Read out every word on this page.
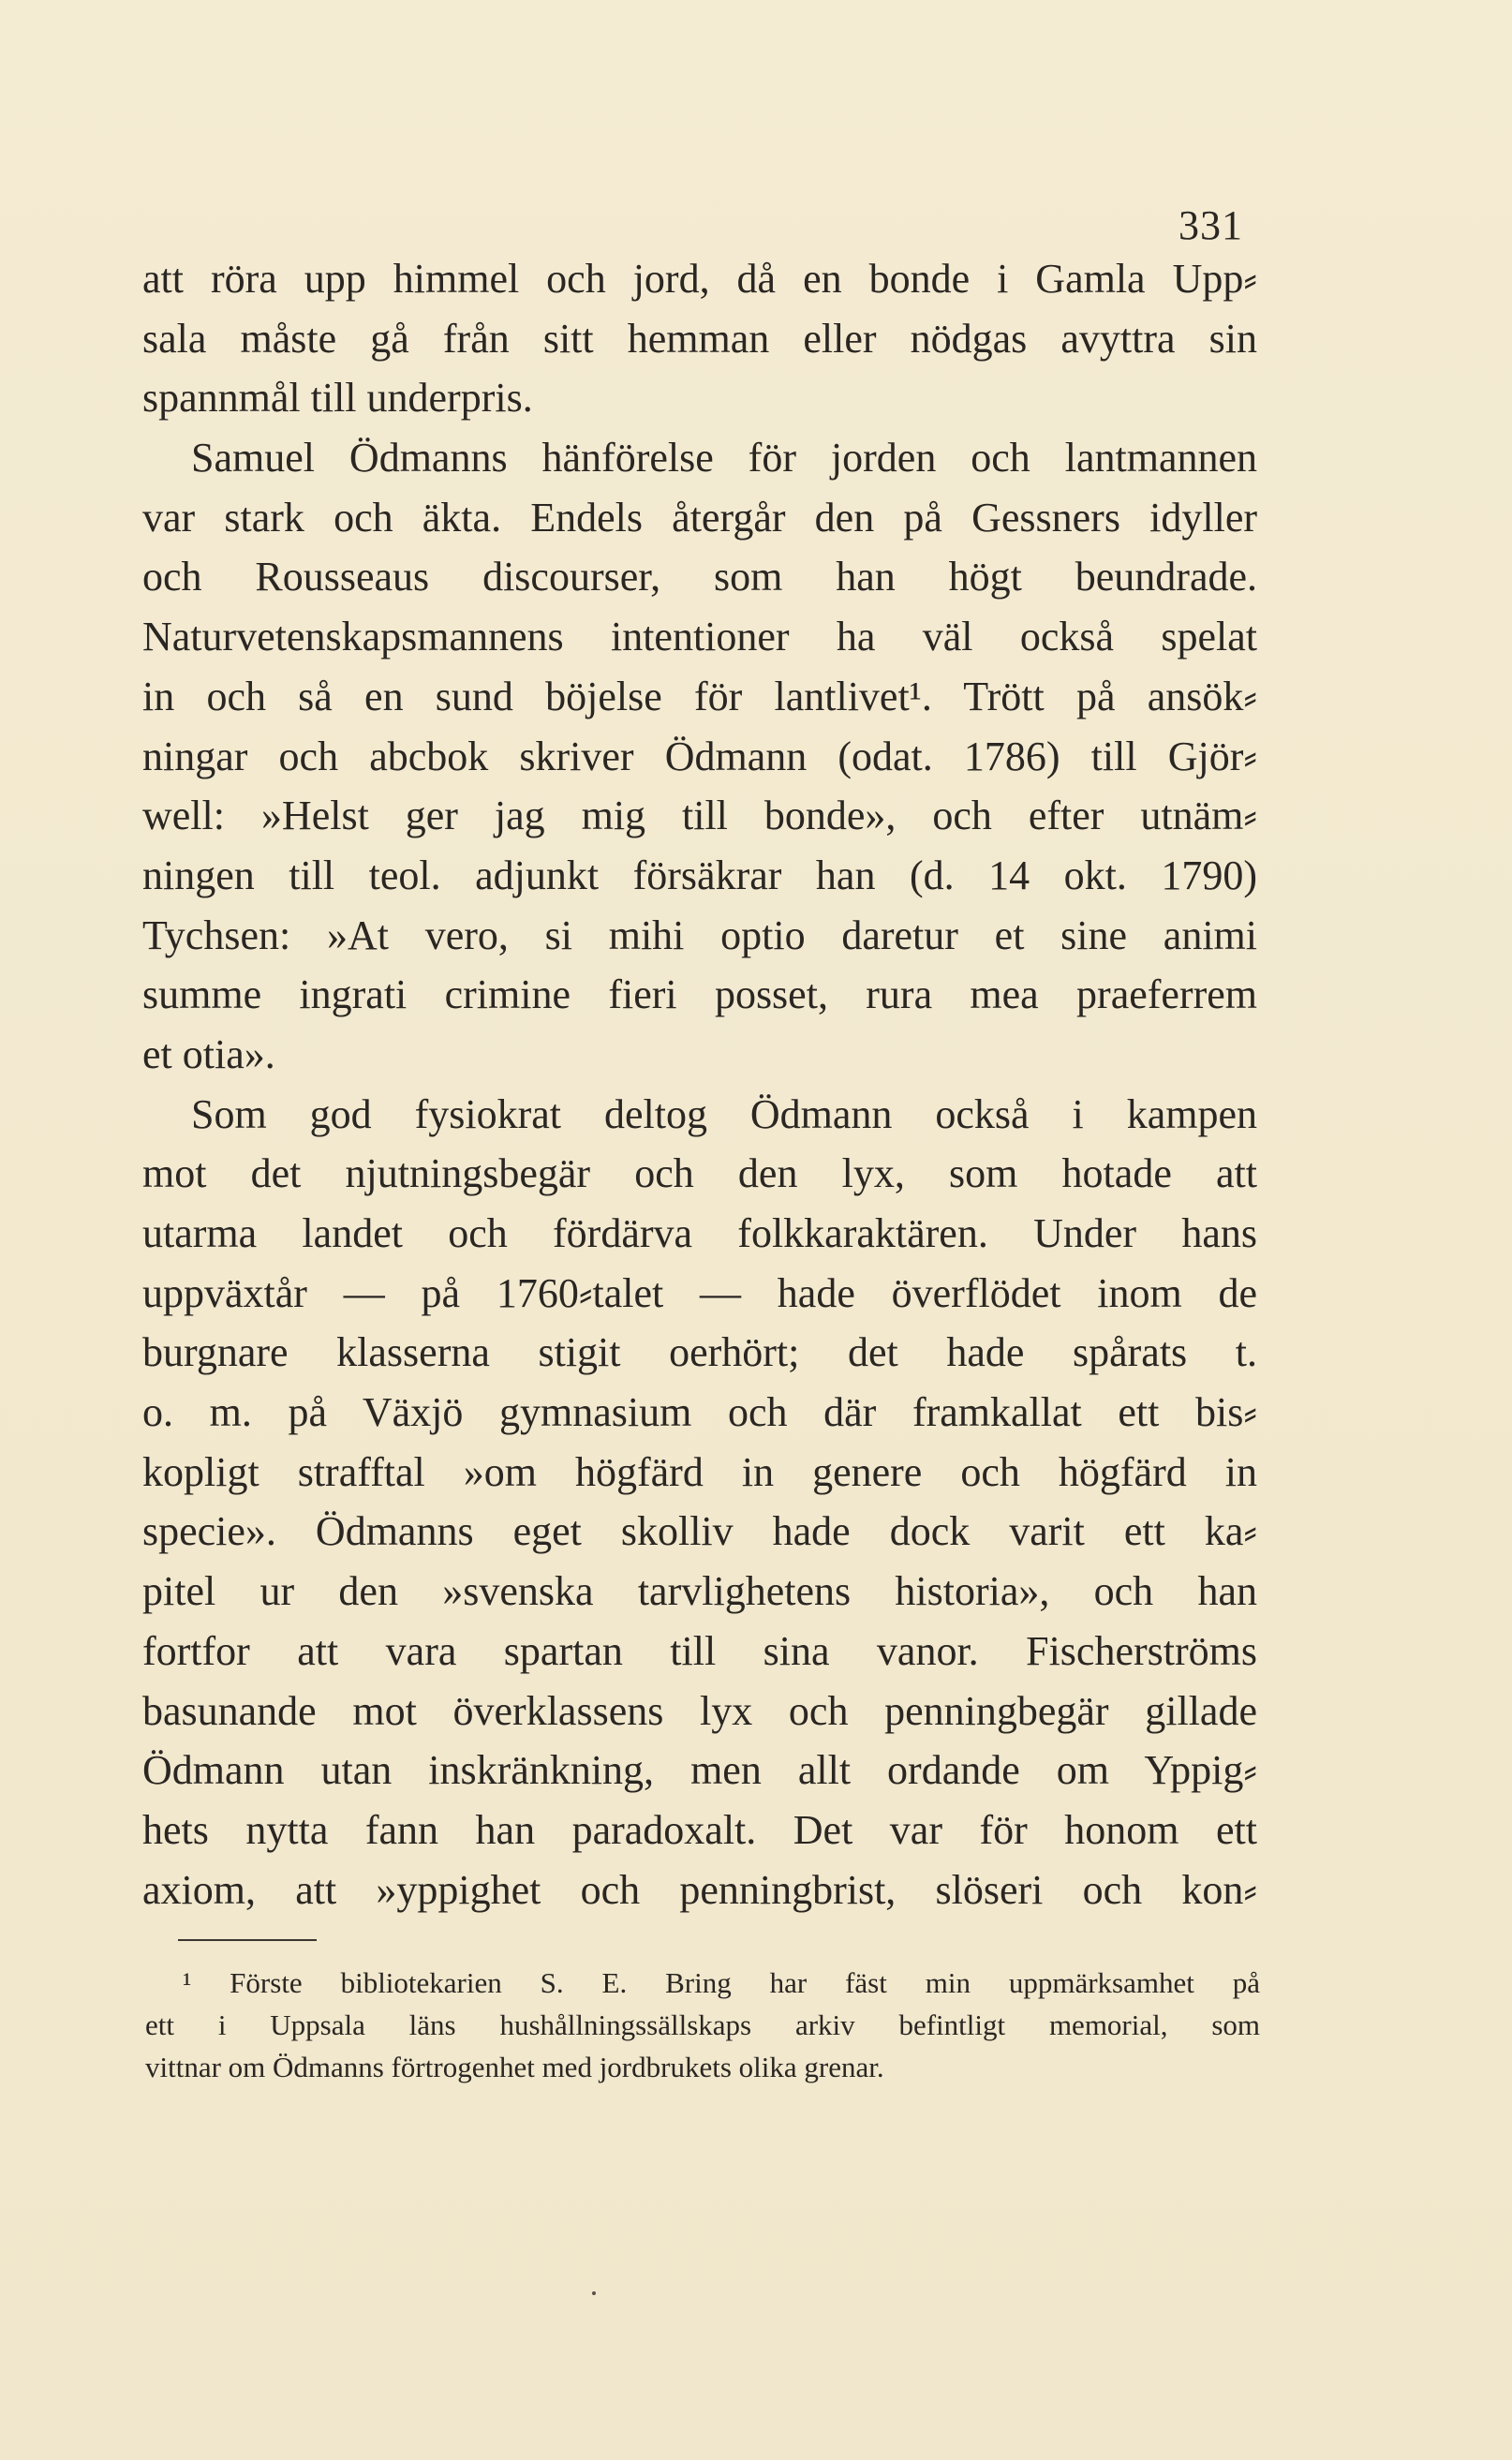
331
att röra upp himmel och jord, då en bonde i Gamla Upp⸗
sala måste gå från sitt hemman eller nödgas avyttra sin
spannmål till underpris.
Samuel Ödmanns hänförelse för jorden och lantmannen
var stark och äkta. Endels återgår den på Gessners idyller
och Rousseaus discourser, som han högt beundrade.
Naturvetenskapsmannens intentioner ha väl också spelat
in och så en sund böjelse för lantlivet¹. Trött på ansök⸗
ningar och abcbok skriver Ödmann (odat. 1786) till Gjör⸗
well: »Helst ger jag mig till bonde», och efter utnäm⸗
ningen till teol. adjunkt försäkrar han (d. 14 okt. 1790)
Tychsen: »At vero, si mihi optio daretur et sine animi
summe ingrati crimine fieri posset, rura mea praeferrem
et otia».
Som god fysiokrat deltog Ödmann också i kampen
mot det njutningsbegär och den lyx, som hotade att
utarma landet och fördärva folkkaraktären. Under hans
uppväxtår — på 1760⸗talet — hade överflödet inom de
burgnare klasserna stigit oerhört; det hade spårats t.
o. m. på Växjö gymnasium och där framkallat ett bis⸗
kopligt strafftal »om högfärd in genere och högfärd in
specie». Ödmanns eget skolliv hade dock varit ett ka⸗
pitel ur den »svenska tarvlighetens historia», och han
fortfor att vara spartan till sina vanor. Fischerströms
basunande mot överklassens lyx och penningbegär gillade
Ödmann utan inskränkning, men allt ordande om Yppig⸗
hets nytta fann han paradoxalt. Det var för honom ett
axiom, att »yppighet och penningbrist, slöseri och kon⸗
¹ Förste bibliotekarien S. E. Bring har fäst min uppmärksamhet på
ett i Uppsala läns hushållningssällskaps arkiv befintligt memorial, som
vittnar om Ödmanns förtrogenhet med jordbrukets olika grenar.
